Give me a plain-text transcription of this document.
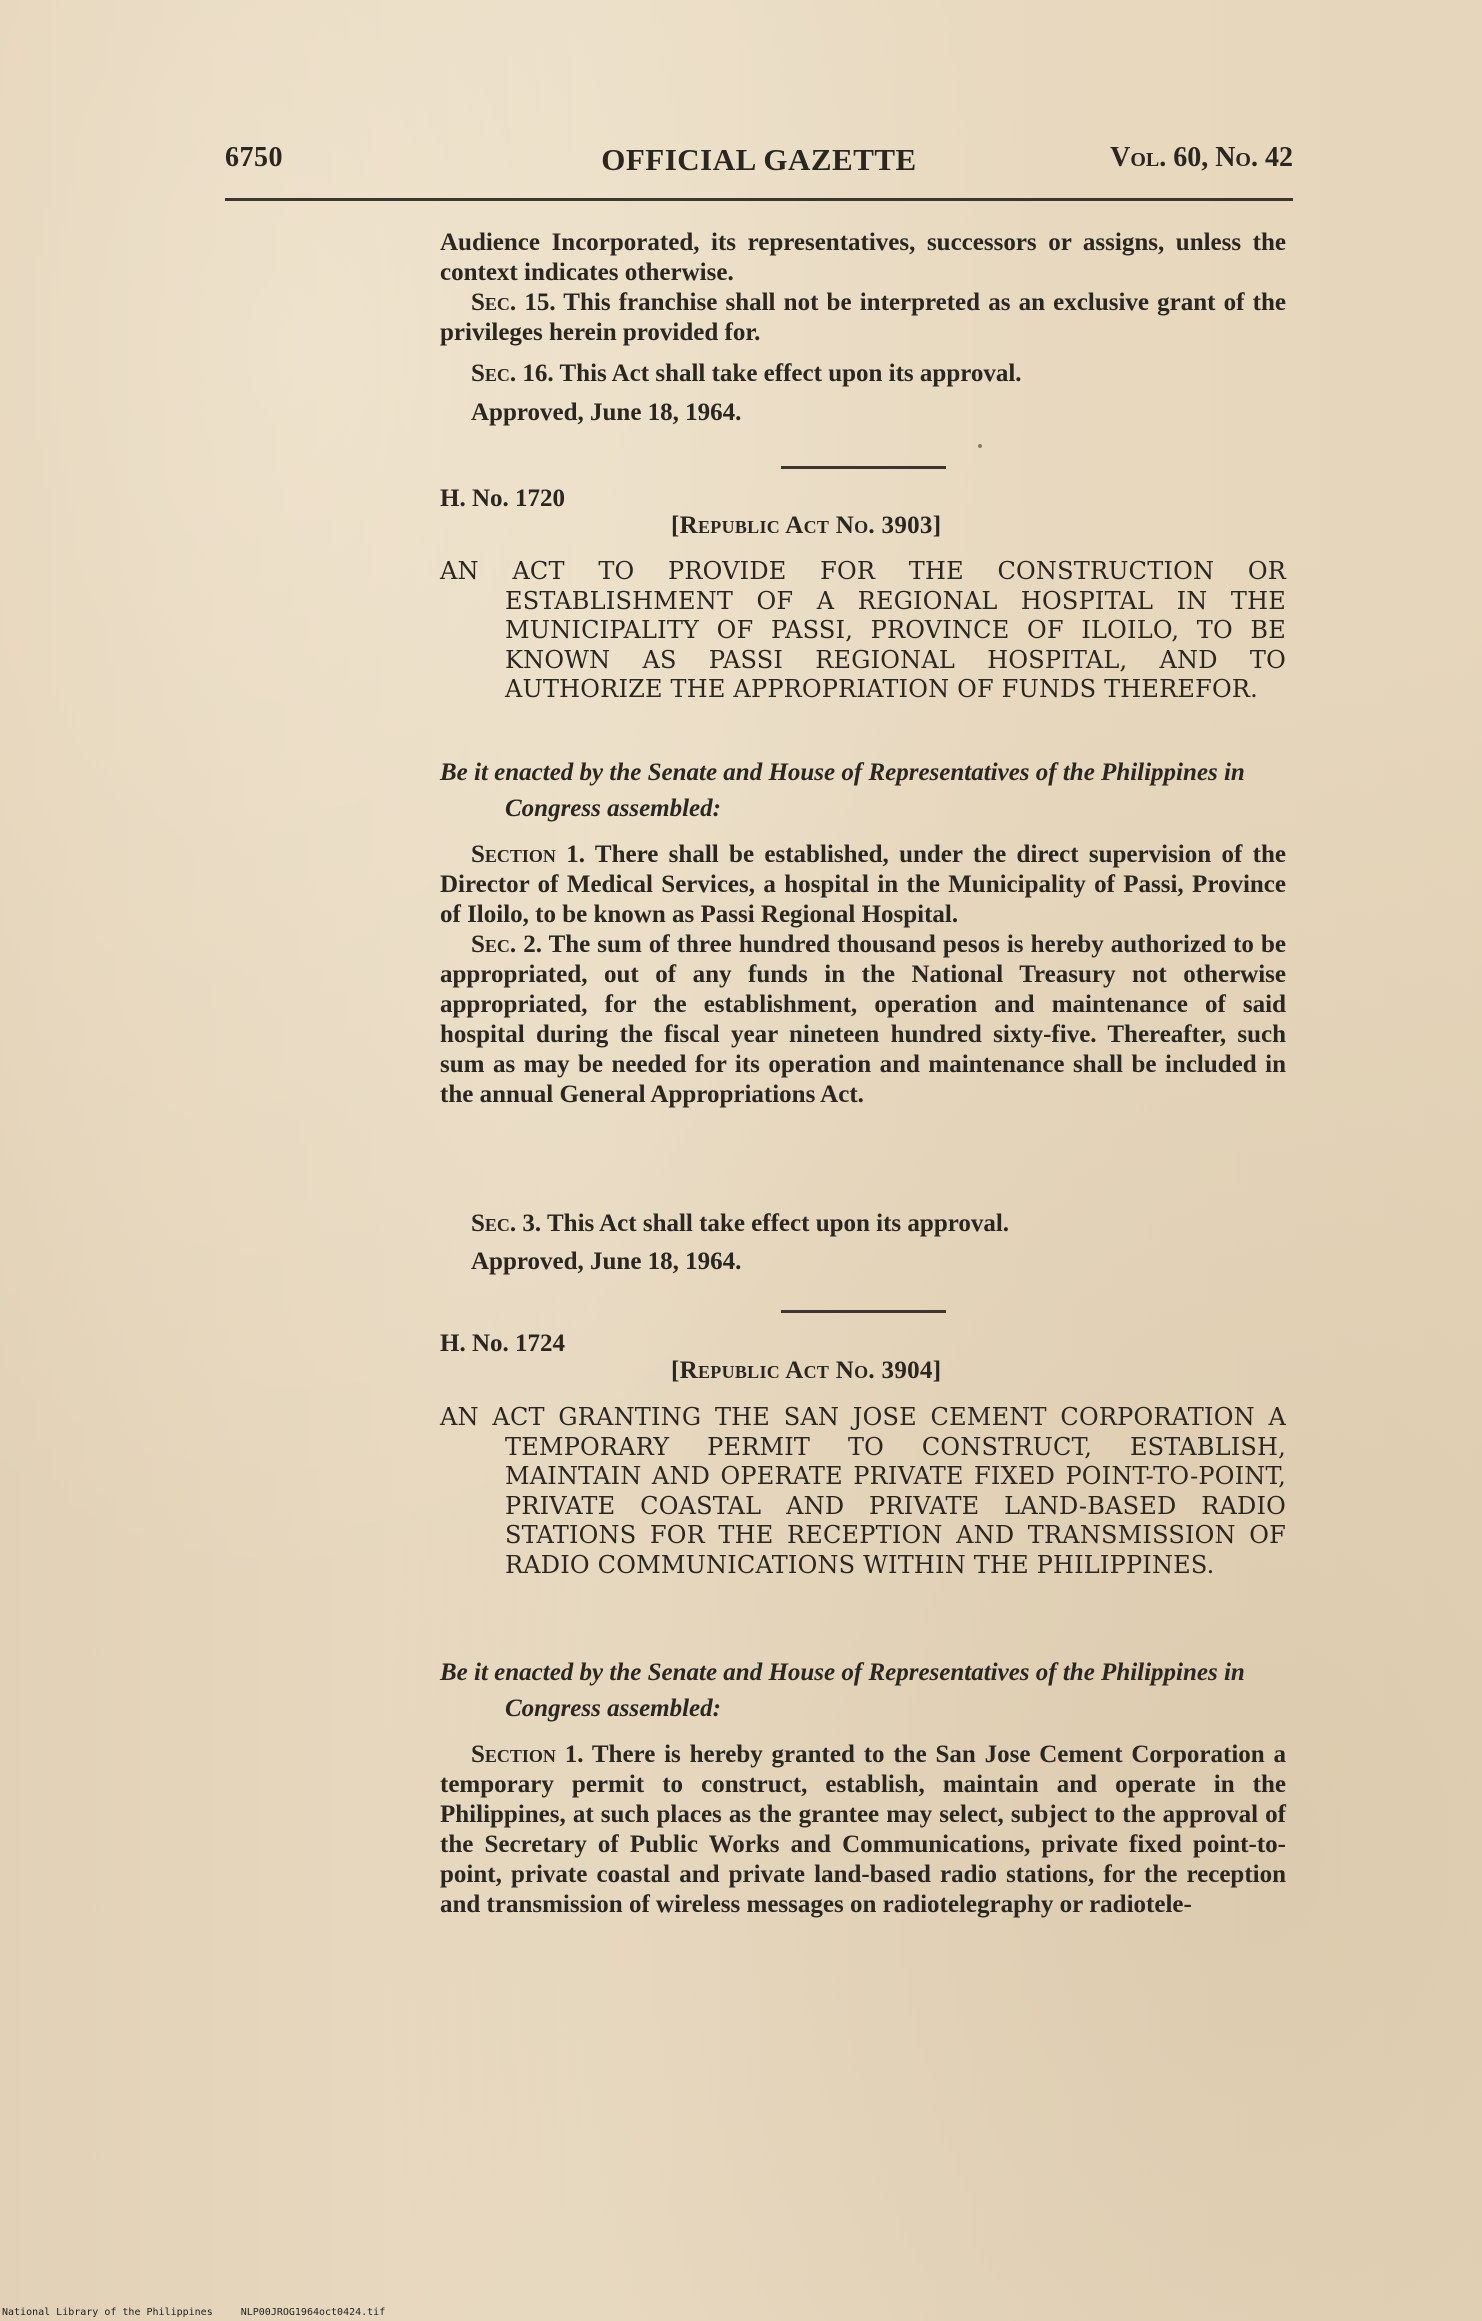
6750	OFFICIAL GAZETTE	Vol. 60, No. 42
Audience Incorporated, its representatives, successors or assigns, unless the context indicates otherwise.
Sec. 15. This franchise shall not be interpreted as an exclusive grant of the privileges herein provided for.
Sec. 16. This Act shall take effect upon its approval.
Approved, June 18, 1964.
H. No. 1720
[Republic Act No. 3903]
AN ACT TO PROVIDE FOR THE CONSTRUCTION OR ESTABLISHMENT OF A REGIONAL HOSPITAL IN THE MUNICIPALITY OF PASSI, PROVINCE OF ILOILO, TO BE KNOWN AS PASSI REGIONAL HOSPITAL, AND TO AUTHORIZE THE APPROPRIATION OF FUNDS THEREFOR.
Be it enacted by the Senate and House of Representatives of the Philippines in Congress assembled:
Section 1. There shall be established, under the direct supervision of the Director of Medical Services, a hospital in the Municipality of Passi, Province of Iloilo, to be known as Passi Regional Hospital.
Sec. 2. The sum of three hundred thousand pesos is hereby authorized to be appropriated, out of any funds in the National Treasury not otherwise appropriated, for the establishment, operation and maintenance of said hospital during the fiscal year nineteen hundred sixty-five. Thereafter, such sum as may be needed for its operation and maintenance shall be included in the annual General Appropriations Act.
Sec. 3. This Act shall take effect upon its approval.
Approved, June 18, 1964.
H. No. 1724
[Republic Act No. 3904]
AN ACT GRANTING THE SAN JOSE CEMENT CORPORATION A TEMPORARY PERMIT TO CONSTRUCT, ESTABLISH, MAINTAIN AND OPERATE PRIVATE FIXED POINT-TO-POINT, PRIVATE COASTAL AND PRIVATE LAND-BASED RADIO STATIONS FOR THE RECEPTION AND TRANSMISSION OF RADIO COMMUNICATIONS WITHIN THE PHILIPPINES.
Be it enacted by the Senate and House of Representatives of the Philippines in Congress assembled:
Section 1. There is hereby granted to the San Jose Cement Corporation a temporary permit to construct, establish, maintain and operate in the Philippines, at such places as the grantee may select, subject to the approval of the Secretary of Public Works and Communications, private fixed point-to-point, private coastal and private land-based radio stations, for the reception and transmission of wireless messages on radiotelegraphy or radiotele-
National Library of the Philippines	NLP00JROG1964oct0424.tif
